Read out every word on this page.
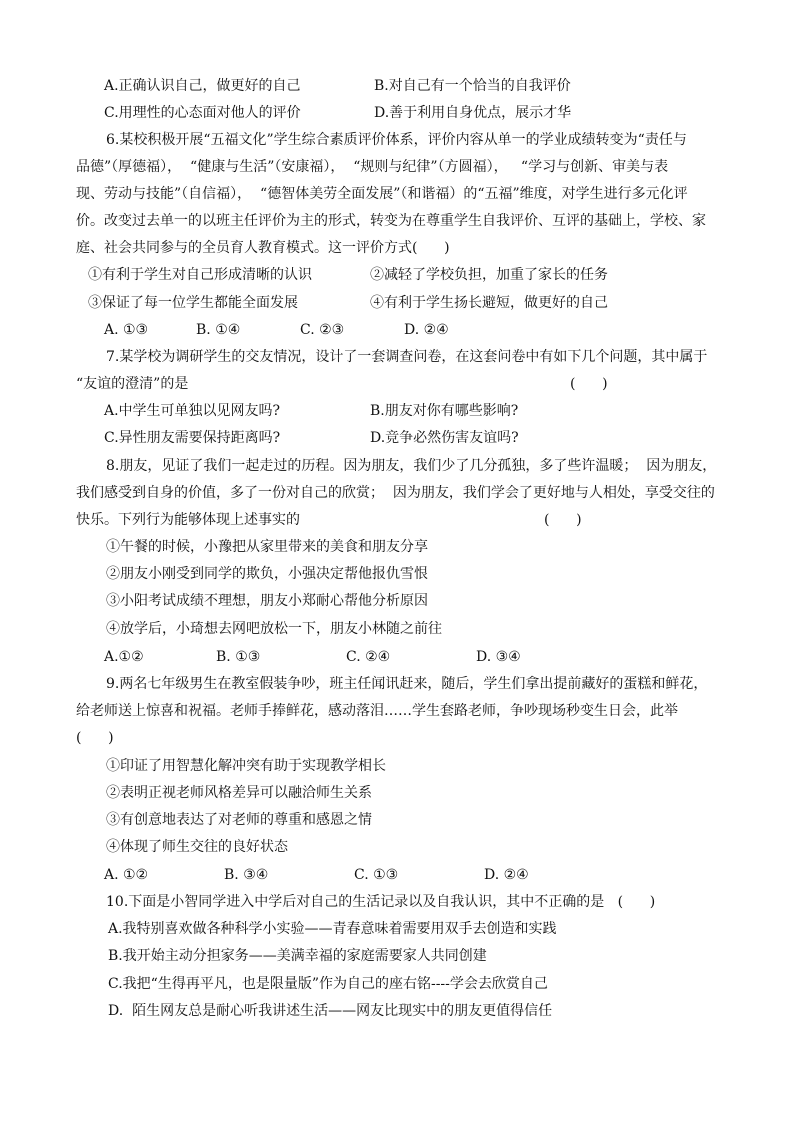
A.正确认识自己，做更好的自己	B.对自己有一个恰当的自我评价
C.用理性的心态面对他人的评价	D.善于利用自身优点，展示才华
6.某校积极开展“五福文化”学生综合素质评价体系，评价内容从单一的学业成绩转变为“责任与
品德”（厚德福），  “健康与生活”（安康福），  “规则与纪律”（方圆福），   “学习与创新、审美与表
现、劳动与技能”（自信福），  “德智体美劳全面发展”（和谐福）的“五福”维度，对学生进行多元化评
价。改变过去单一的以班主任评价为主的形式，转变为在尊重学生自我评价、互评的基础上，学校、家
庭、社会共同参与的全员育人教育模式。这一评价方式(      )
①有利于学生对自己形成清晰的认识	②减轻了学校负担，加重了家长的任务
③保证了每一位学生都能全面发展	④有利于学生扬长避短，做更好的自己
A. ①③	B. ①④	C. ②③	D. ②④
7.某学校为调研学生的交友情况，设计了一套调查问卷，在这套问卷中有如下几个问题，其中属于
“友谊的澄清”的是	(      )
A.中学生可单独以见网友吗?	B.朋友对你有哪些影响?
C.异性朋友需要保持距离吗?	D.竞争必然伤害友谊吗?
8.朋友，见证了我们一起走过的历程。因为朋友，我们少了几分孤独，多了些许温暖；  因为朋友，
我们感受到自身的价值，多了一份对自己的欣赏；  因为朋友，我们学会了更好地与人相处，享受交往的
快乐。下列行为能够体现上述事实的	(      )
①午餐的时候，小豫把从家里带来的美食和朋友分享
②朋友小刚受到同学的欺负，小强决定帮他报仇雪恨
③小阳考试成绩不理想，朋友小郑耐心帮他分析原因
④放学后，小琦想去网吧放松一下，朋友小林随之前往
A.①②	B. ①③	C. ②④	D. ③④
9.两名七年级男生在教室假装争吵，班主任闻讯赶来，随后，学生们拿出提前藏好的蛋糕和鲜花，
给老师送上惊喜和祝福。老师手捧鲜花，感动落泪……学生套路老师，争吵现场秒变生日会，此举
(      )
①印证了用智慧化解冲突有助于实现教学相长
②表明正视老师风格差异可以融洽师生关系
③有创意地表达了对老师的尊重和感恩之情
④体现了师生交往的良好状态
A. ①②	B. ③④	C. ①③	D. ②④
10.下面是小智同学进入中学后对自己的生活记录以及自我认识，其中不正确的是   (      )
A.我特别喜欢做各种科学小实验——青春意味着需要用双手去创造和实践
B.我开始主动分担家务——美满幸福的家庭需要家人共同创建
C.我把“生得再平凡，也是限量版”作为自己的座右铭----学会去欣赏自己
D.  陌生网友总是耐心听我讲述生活——网友比现实中的朋友更值得信任
